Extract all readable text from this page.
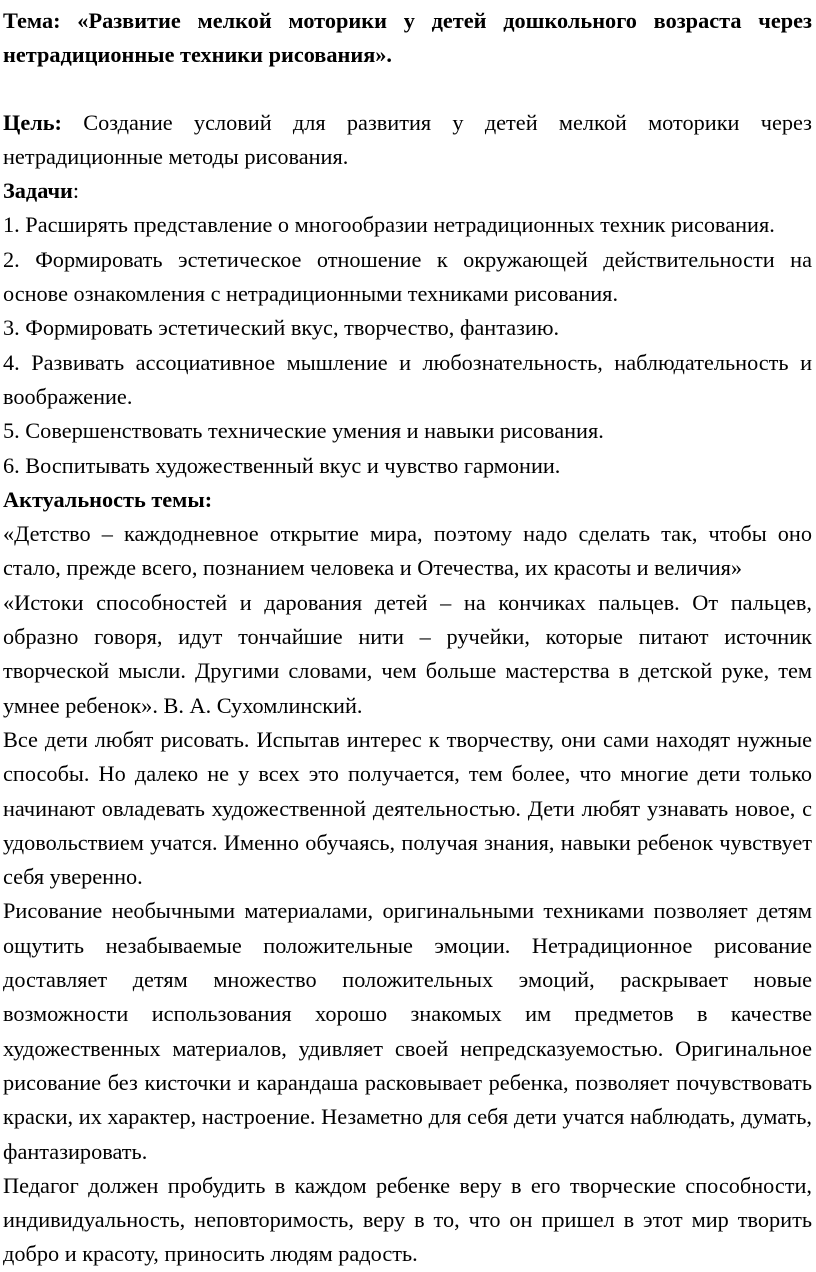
Тема: «Развитие мелкой моторики у детей дошкольного возраста через нетрадиционные техники рисования».

Цель: Создание условий для развития у детей мелкой моторики через нетрадиционные методы рисования.

Задачи:

1. Расширять представление о многообразии нетрадиционных техник рисования.

2. Формировать эстетическое отношение к окружающей действительности на основе ознакомления с нетрадиционными техниками рисования.

3. Формировать эстетический вкус, творчество, фантазию.

4. Развивать ассоциативное мышление и любознательность, наблюдательность и воображение.

5. Совершенствовать технические умения и навыки рисования.

6. Воспитывать художественный вкус и чувство гармонии.

Актуальность темы:

«Детство – каждодневное открытие мира, поэтому надо сделать так, чтобы оно стало, прежде всего, познанием человека и Отечества, их красоты и величия»

«Истоки способностей и дарования детей – на кончиках пальцев. От пальцев, образно говоря, идут тончайшие нити – ручейки, которые питают источник творческой мысли. Другими словами, чем больше мастерства в детской руке, тем умнее ребенок». В. А. Сухомлинский.

Все дети любят рисовать. Испытав интерес к творчеству, они сами находят нужные способы. Но далеко не у всех это получается, тем более, что многие дети только начинают овладевать художественной деятельностью. Дети любят узнавать новое, с удовольствием учатся. Именно обучаясь, получая знания, навыки ребенок чувствует себя уверенно.

Рисование необычными материалами, оригинальными техниками позволяет детям ощутить незабываемые положительные эмоции. Нетрадиционное рисование доставляет детям множество положительных эмоций, раскрывает новые возможности использования хорошо знакомых им предметов в качестве художественных материалов, удивляет своей непредсказуемостью. Оригинальное рисование без кисточки и карандаша расковывает ребенка, позволяет почувствовать краски, их характер, настроение. Незаметно для себя дети учатся наблюдать, думать, фантазировать.

Педагог должен пробудить в каждом ребенке веру в его творческие способности, индивидуальность, неповторимость, веру в то, что он пришел в этот мир творить добро и красоту, приносить людям радость.
